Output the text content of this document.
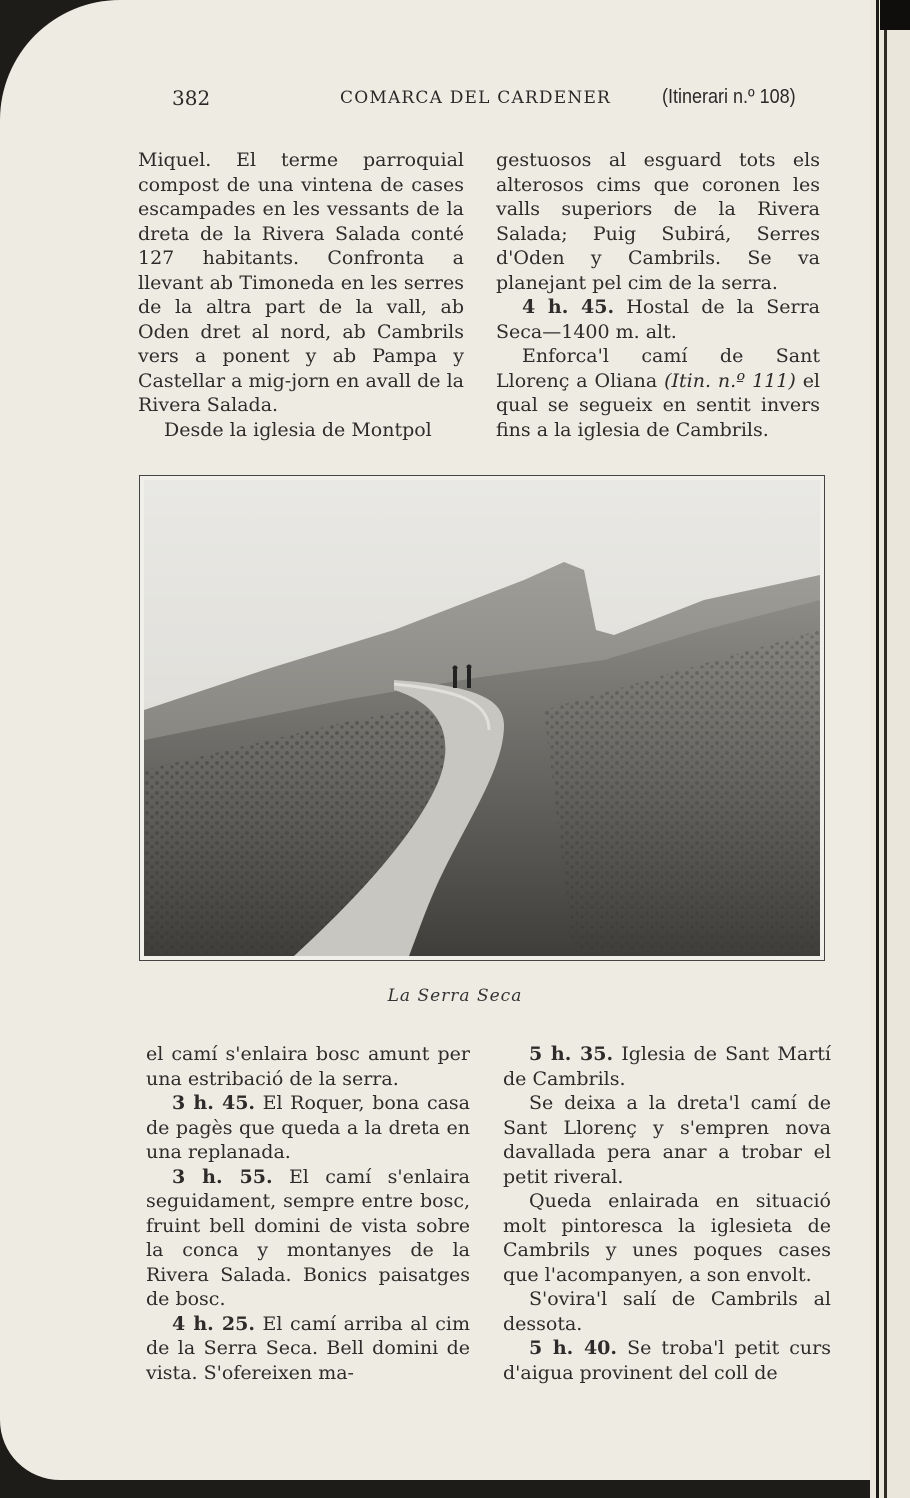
382	COMARCA DEL CARDENER	(Itinerari n.º 108)

Miquel. El terme parroquial compost de una vintena de cases escampades en les vessants de la dreta de la Rivera Salada conté 127 habitants. Confronta a llevant ab Timoneda en les serres de la altra part de la vall, ab Oden dret al nord, ab Cambrils vers a ponent y ab Pampa y Castellar a mig-jorn en avall de la Rivera Salada.

Desde la iglesia de Montpol

gestuosos al esguard tots els alterosos cims que coronen les valls superiors de la Rivera Salada; Puig Subirá, Serres d'Oden y Cambrils. Se va planejant pel cim de la serra.

4 h. 45. Hostal de la Serra Seca—1400 m. alt.

Enforca'l camí de Sant Llorenç a Oliana (Itin. n.º 111) el qual se segueix en sentit invers fins a la iglesia de Cambrils.

La Serra Seca

el camí s'enlaira bosc amunt per una estribació de la serra.

3 h. 45. El Roquer, bona casa de pagès que queda a la dreta en una replanada.

3 h. 55. El camí s'enlaira seguidament, sempre entre bosc, fruint bell domini de vista sobre la conca y montanyes de la Rivera Salada. Bonics paisatges de bosc.

4 h. 25. El camí arriba al cim de la Serra Seca. Bell domini de vista. S'ofereixen ma-

5 h. 35. Iglesia de Sant Martí de Cambrils.

Se deixa a la dreta'l camí de Sant Llorenç y s'empren nova davallada pera anar a trobar el petit riveral.

Queda enlairada en situació molt pintoresca la iglesieta de Cambrils y unes poques cases que l'acompanyen, a son envolt.

S'ovira'l salí de Cambrils al dessota.

5 h. 40. Se troba'l petit curs d'aigua provinent del coll de
